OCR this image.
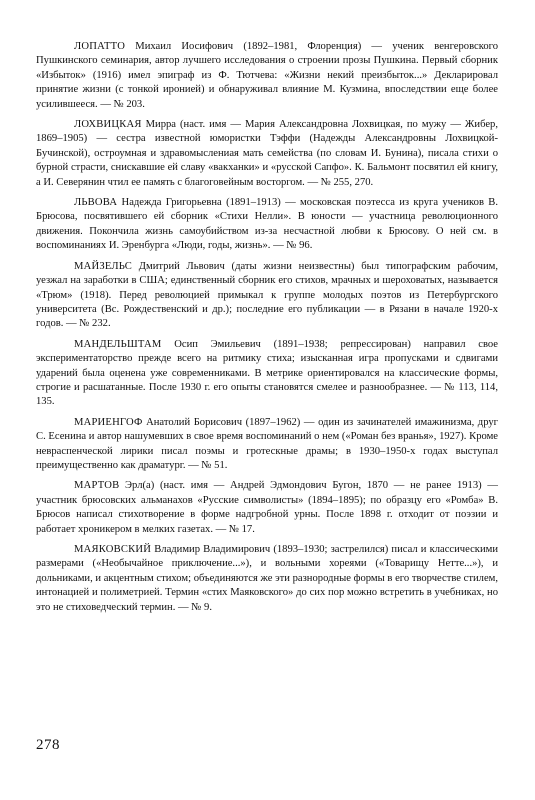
ЛОПАТТО Михаил Иосифович (1892–1981, Флоренция) — ученик венгеровского Пушкинского семинария, автор лучшего исследования о строении прозы Пушкина. Первый сборник «Избыток» (1916) имел эпиграф из Ф. Тютчева: «Жизни некий преизбыток...» Декларировал принятие жизни (с тонкой иронией) и обнаруживал влияние М. Кузмина, впоследствии еще более усилившееся. — № 203.

ЛОХВИЦКАЯ Мирра (наст. имя — Мария Александровна Лохвицкая, по мужу — Жибер, 1869–1905) — сестра известной юмористки Тэффи (Надежды Александровны Лохвицкой-Бучинской), остроумная и здравомыслениая мать семейства (по словам И. Бунина), писала стихи о бурной страсти, снискавшие ей славу «вакханки» и «русской Сапфо». К. Бальмонт посвятил ей книгу, а И. Северянин чтил ее память с благоговейным восторгом. — № 255, 270.

ЛЬВОВА Надежда Григорьевна (1891–1913) — московская поэтесса из круга учеников В. Брюсова, посвятившего ей сборник «Стихи Нелли». В юности — участница революционного движения. Покончила жизнь самоубийством из-за несчастной любви к Брюсову. О ней см. в воспоминаниях И. Эренбурга «Люди, годы, жизнь». — № 96.

МАЙЗЕЛЬС Дмитрий Львович (даты жизни неизвестны) был типографским рабочим, уезжал на заработки в США; единственный сборник его стихов, мрачных и шероховатых, называется «Трюм» (1918). Перед революцией примыкал к группе молодых поэтов из Петербургского университета (Вс. Рождественский и др.); последние его публикации — в Рязани в начале 1920-х годов. — № 232.

МАНДЕЛЬШТАМ Осип Эмильевич (1891–1938; репрессирован) направил свое экспериментаторство прежде всего на ритмику стиха; изысканная игра пропусками и сдвигами ударений была оценена уже современниками. В метрике ориентировался на классические формы, строгие и расшатанные. После 1930 г. его опыты становятся смелее и разнообразнее. — № 113, 114, 135.

МАРИЕНГОФ Анатолий Борисович (1897–1962) — один из зачинателей имажинизма, друг С. Есенина и автор нашумевших в свое время воспоминаний о нем («Роман без вранья», 1927). Кроме невраспенческой лирики писал поэмы и гротескные драмы; в 1930–1950-х годах выступал преимущественно как драматург. — № 51.

МАРТОВ Эрл(а) (наст. имя — Андрей Эдмондович Бугон, 1870 — не ранее 1913) — участник брюсовских альманахов «Русские символисты» (1894–1895); по образцу его «Ромба» В. Брюсов написал стихотворение в форме надгробной урны. После 1898 г. отходит от поэзии и работает хроникером в мелких газетах. — № 17.

МАЯКОВСКИЙ Владимир Владимирович (1893–1930; застрелился) писал и классическими размерами («Необычайное приключение...»), и вольными хореями («Товарищу Нетте...»), и дольниками, и акцентным стихом; объединяются же эти разнородные формы в его творчестве стилем, интонацией и полиметрией. Термин «стих Маяковского» до сих пор можно встретить в учебниках, но это не стиховедческий термин. — № 9.

278
